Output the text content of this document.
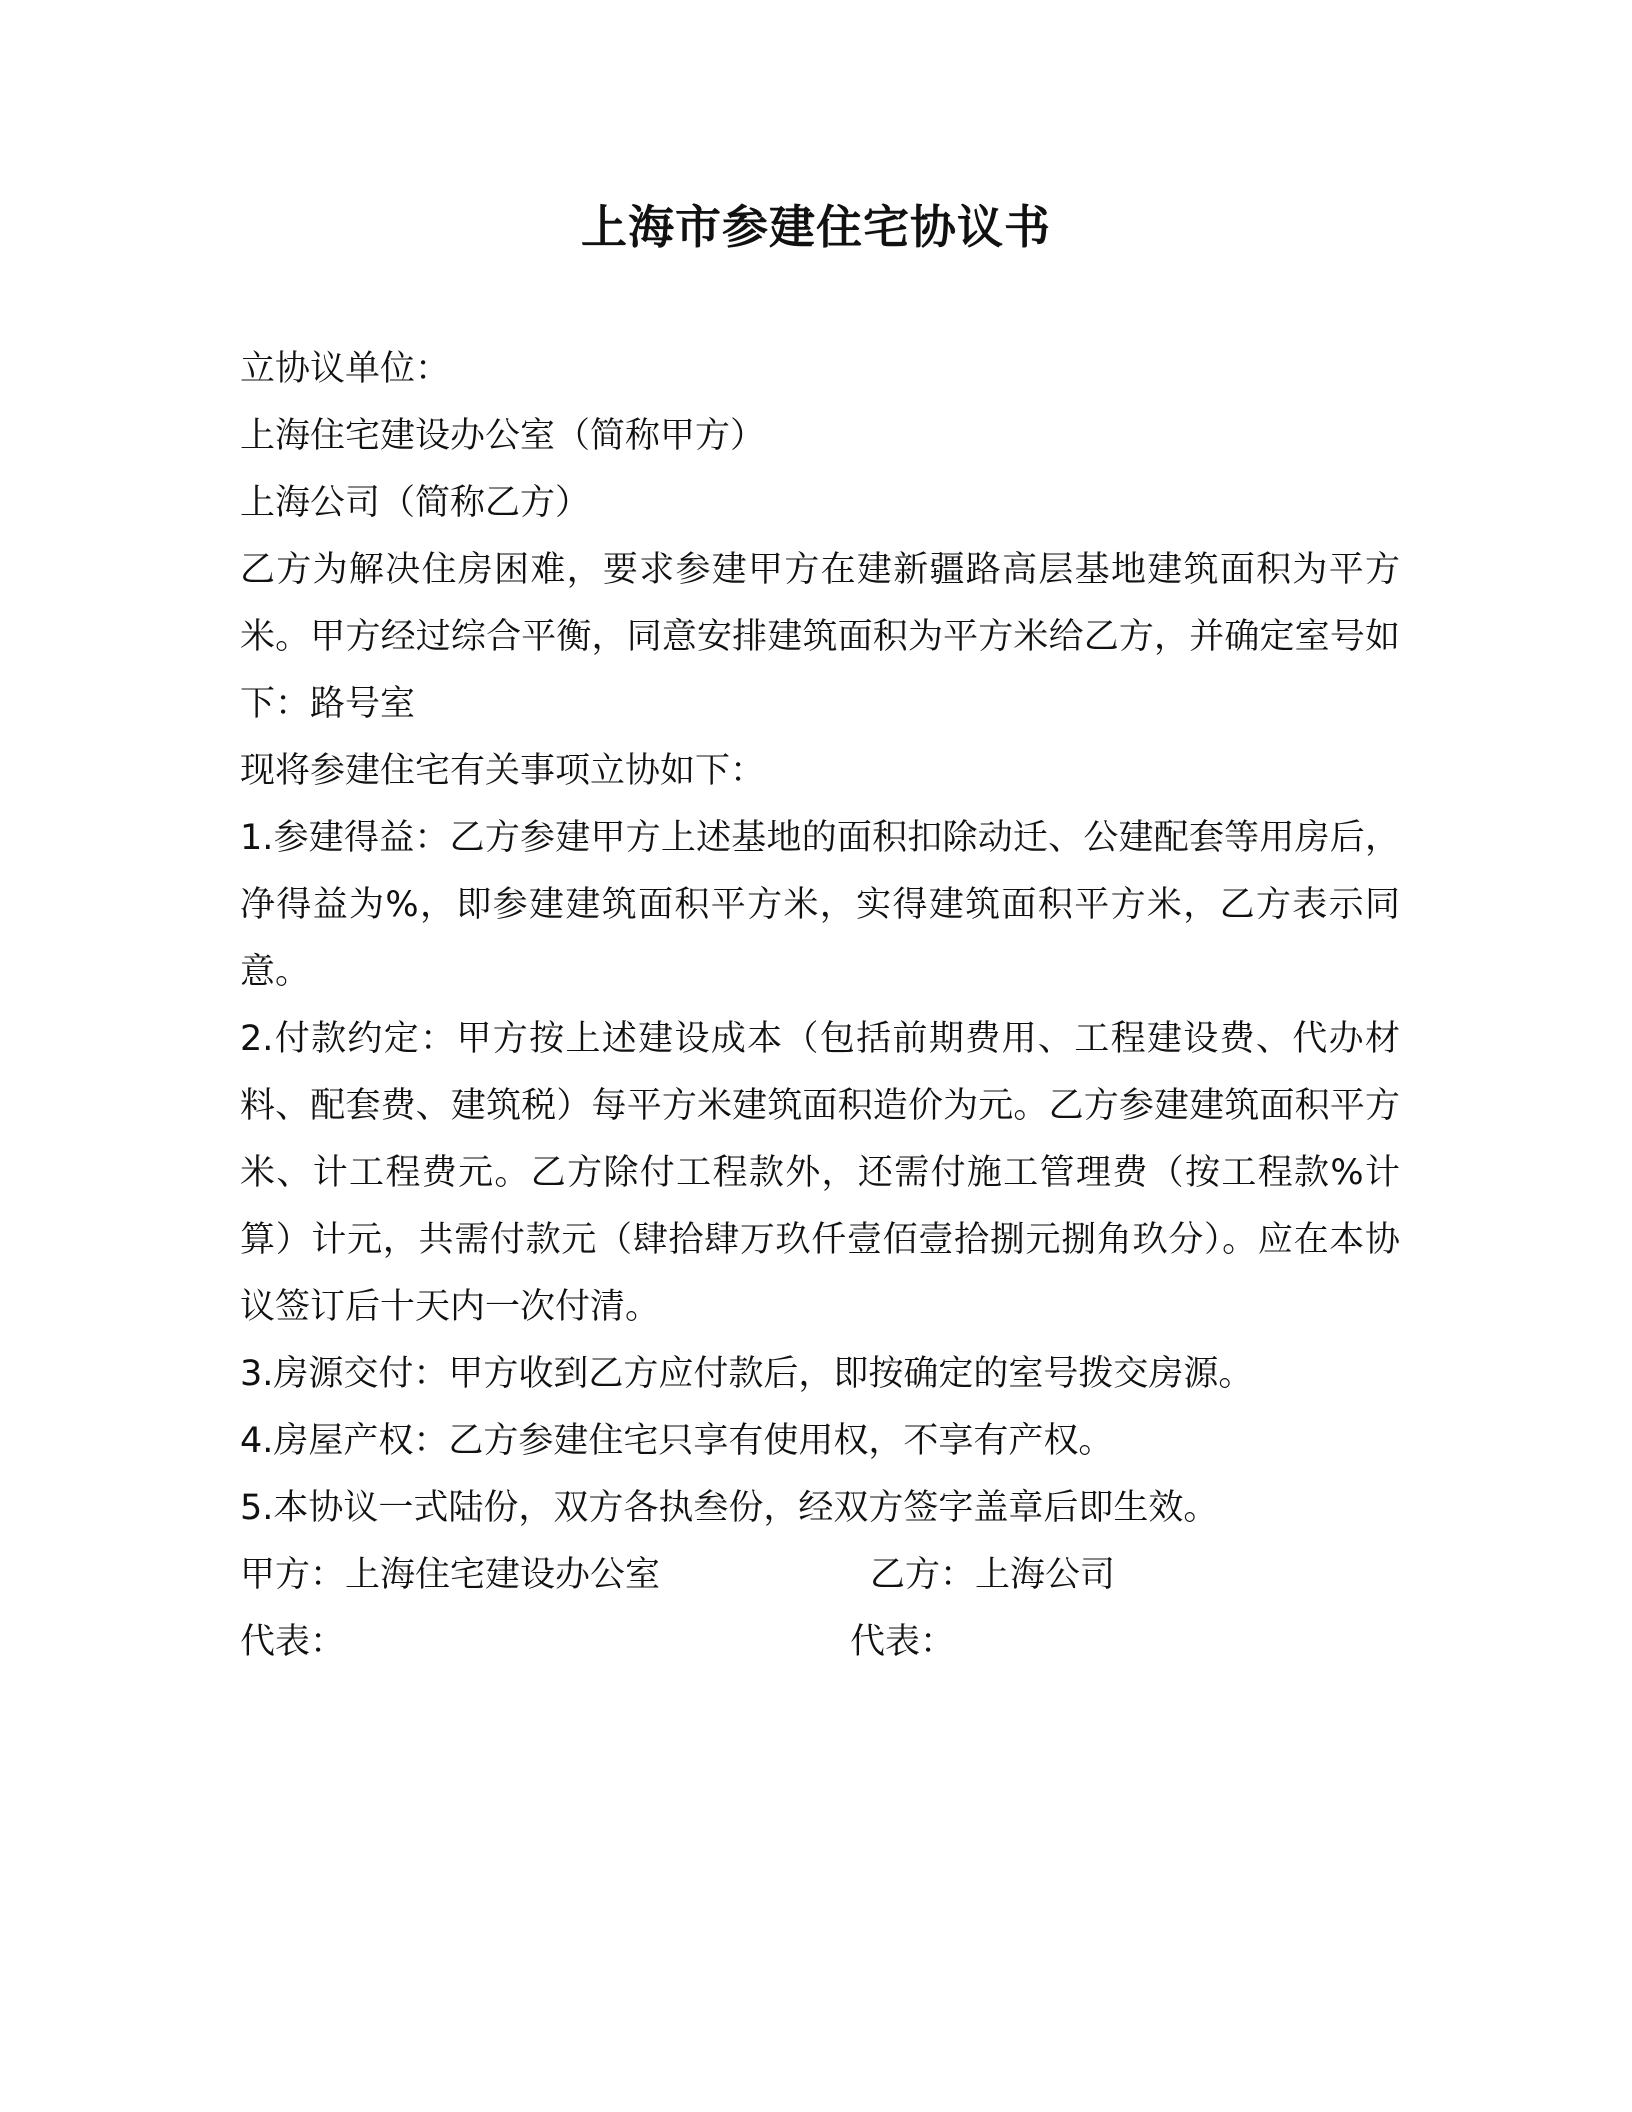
上海市参建住宅协议书

立协议单位：

上海住宅建设办公室（简称甲方）

上海公司（简称乙方）

乙方为解决住房困难，要求参建甲方在建新疆路高层基地建筑面积为平方米。甲方经过综合平衡，同意安排建筑面积为平方米给乙方，并确定室号如下：路号室

现将参建住宅有关事项立协如下：

1.参建得益：乙方参建甲方上述基地的面积扣除动迁、公建配套等用房后，净得益为%，即参建建筑面积平方米，实得建筑面积平方米，乙方表示同意。

2.付款约定：甲方按上述建设成本（包括前期费用、工程建设费、代办材料、配套费、建筑税）每平方米建筑面积造价为元。乙方参建建筑面积平方米、计工程费元。乙方除付工程款外，还需付施工管理费（按工程款%计算）计元，共需付款元（肆拾肆万玖仟壹佰壹拾捌元捌角玖分）。应在本协议签订后十天内一次付清。

3.房源交付：甲方收到乙方应付款后，即按确定的室号拨交房源。

4.房屋产权：乙方参建住宅只享有使用权，不享有产权。

5.本协议一式陆份，双方各执叁份，经双方签字盖章后即生效。

甲方：上海住宅建设办公室	乙方：上海公司
代表：	代表：
